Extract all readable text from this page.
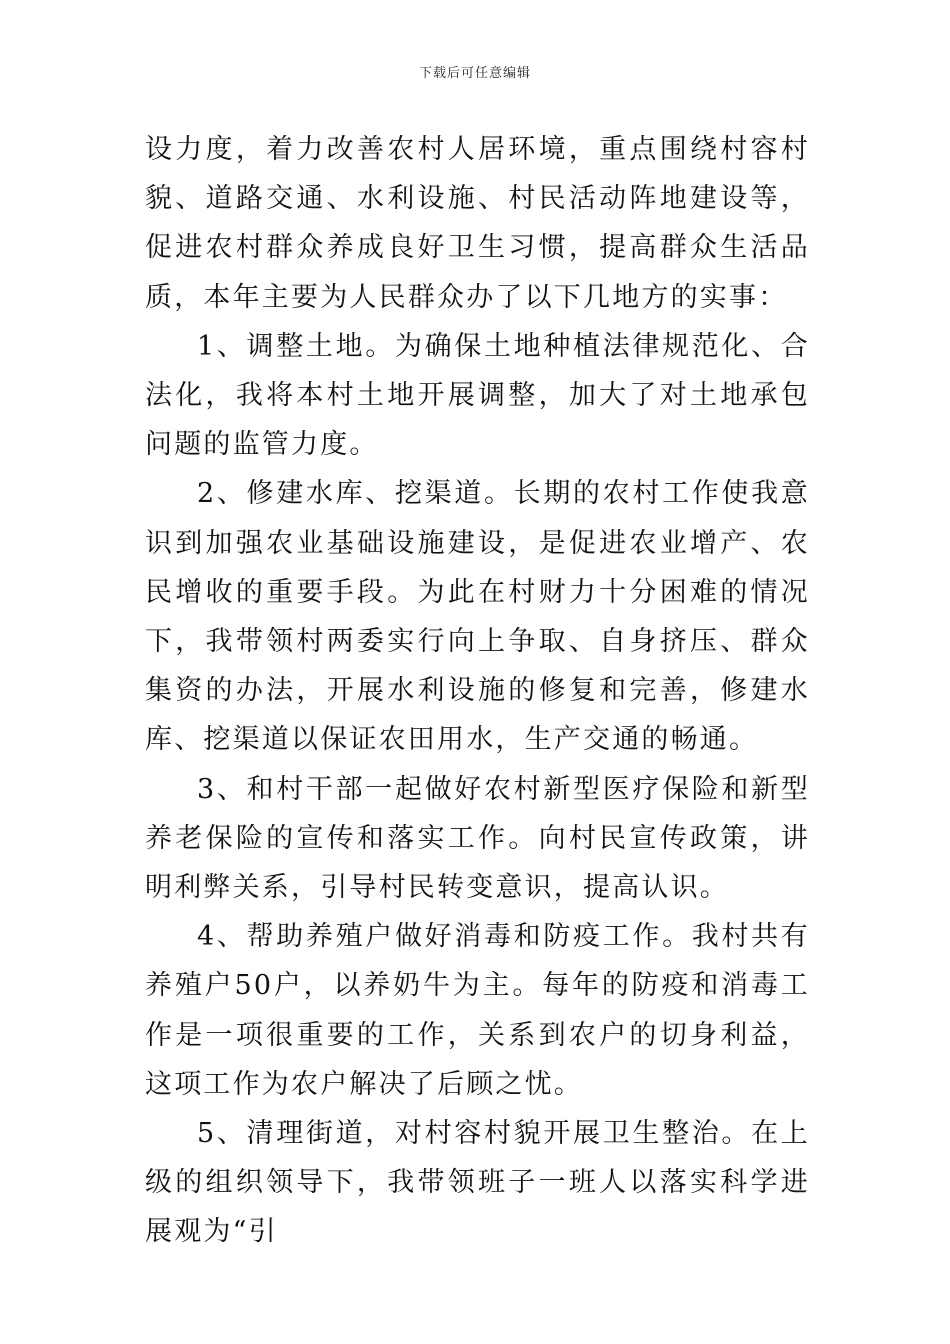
下载后可任意编辑

设力度，着力改善农村人居环境，重点围绕村容村貌、道路交通、水利设施、村民活动阵地建设等，促进农村群众养成良好卫生习惯，提高群众生活品质，本年主要为人民群众办了以下几地方的实事：

1、调整土地。为确保土地种植法律规范化、合法化，我将本村土地开展调整，加大了对土地承包问题的监管力度。

2、修建水库、挖渠道。长期的农村工作使我意识到加强农业基础设施建设，是促进农业增产、农民增收的重要手段。为此在村财力十分困难的情况下，我带领村两委实行向上争取、自身挤压、群众集资的办法，开展水利设施的修复和完善，修建水库、挖渠道以保证农田用水，生产交通的畅通。

3、和村干部一起做好农村新型医疗保险和新型养老保险的宣传和落实工作。向村民宣传政策，讲明利弊关系，引导村民转变意识，提高认识。

4、帮助养殖户做好消毒和防疫工作。我村共有养殖户50户，以养奶牛为主。每年的防疫和消毒工作是一项很重要的工作，关系到农户的切身利益，这项工作为农户解决了后顾之忧。

5、清理街道，对村容村貌开展卫生整治。在上级的组织领导下，我带领班子一班人以落实科学进展观为“引
